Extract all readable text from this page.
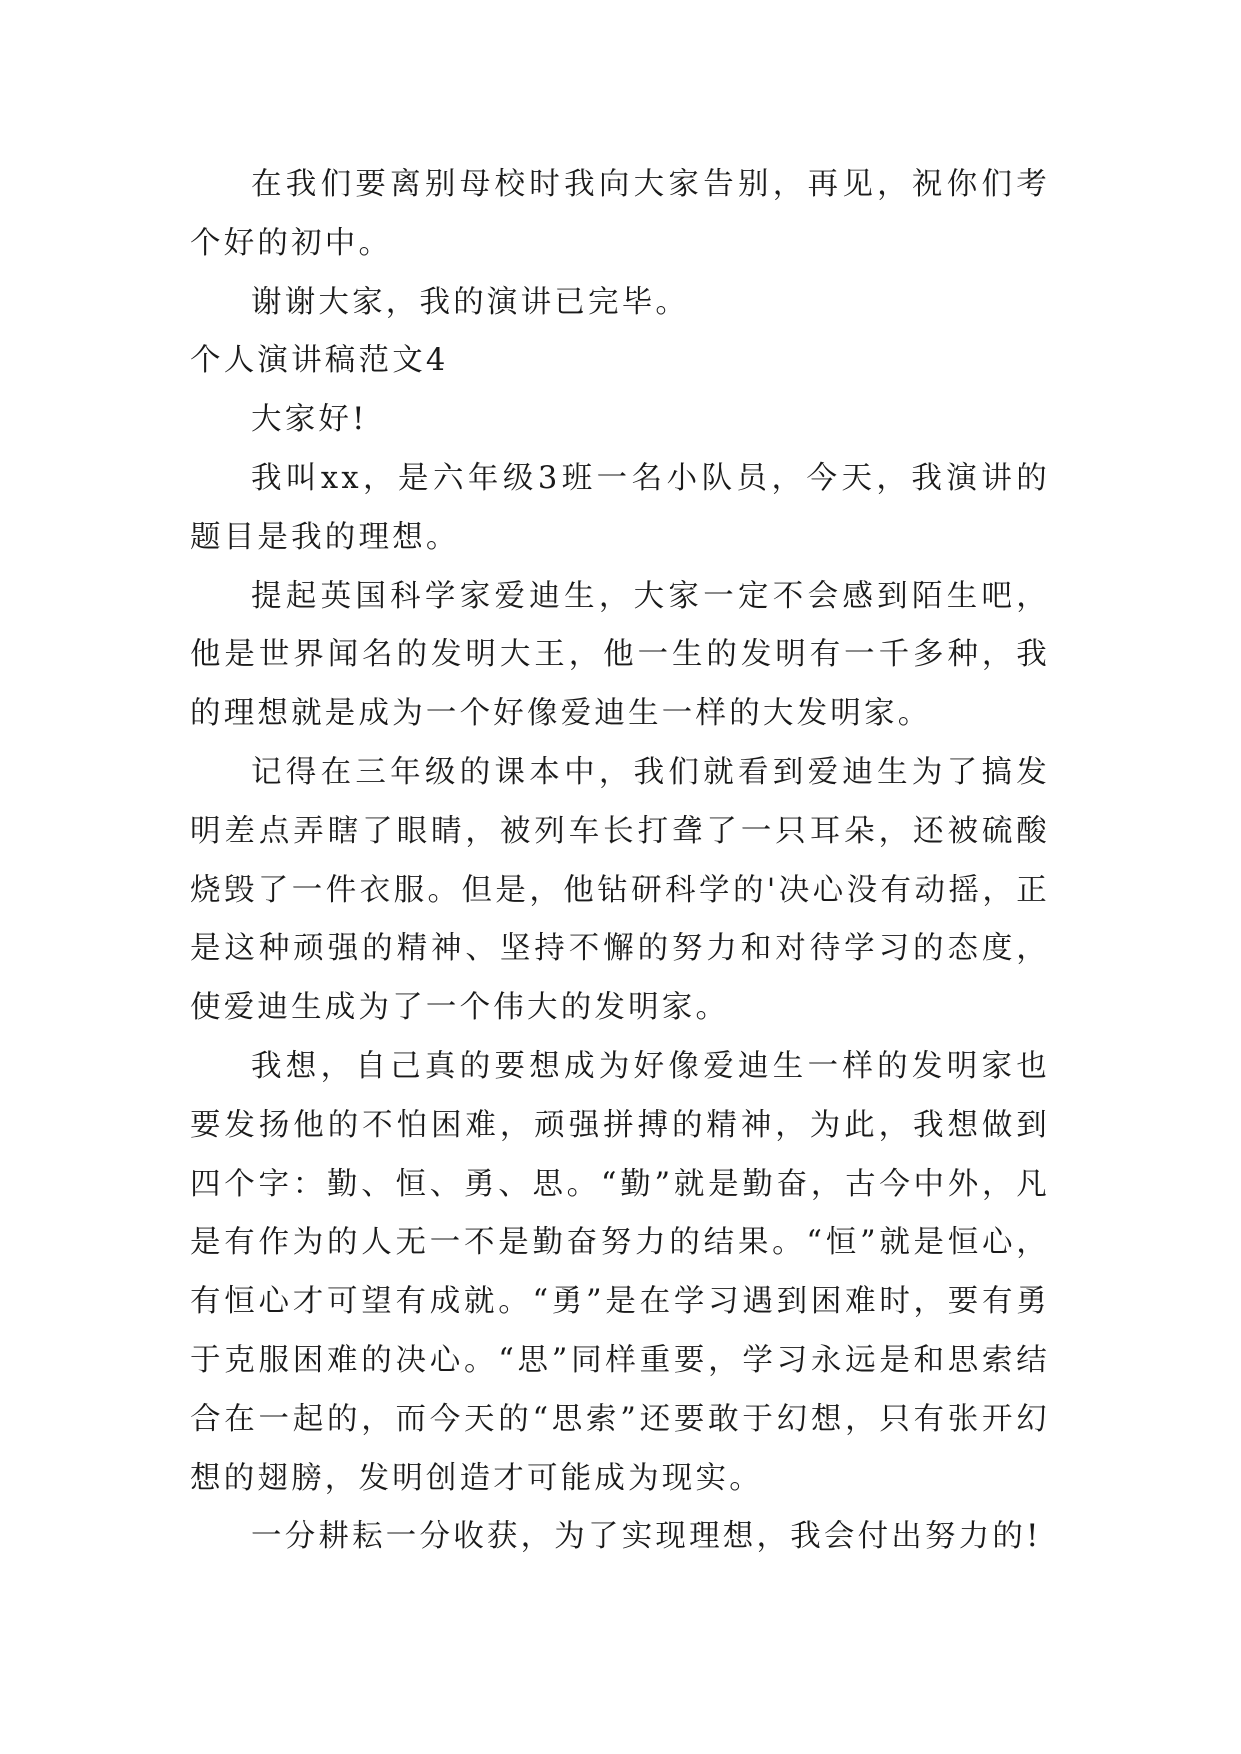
在我们要离别母校时我向大家告别，再见，祝你们考个好的初中。

谢谢大家，我的演讲已完毕。

个人演讲稿范文4

大家好!

我叫xx，是六年级3班一名小队员，今天，我演讲的题目是我的理想。

提起英国科学家爱迪生，大家一定不会感到陌生吧，他是世界闻名的发明大王，他一生的发明有一千多种，我的理想就是成为一个好像爱迪生一样的大发明家。

记得在三年级的课本中，我们就看到爱迪生为了搞发明差点弄瞎了眼睛，被列车长打聋了一只耳朵，还被硫酸烧毁了一件衣服。但是，他钻研科学的'决心没有动摇，正是这种顽强的精神、坚持不懈的努力和对待学习的态度，使爱迪生成为了一个伟大的发明家。

我想，自己真的要想成为好像爱迪生一样的发明家也要发扬他的不怕困难，顽强拼搏的精神，为此，我想做到四个字：勤、恒、勇、思。“勤”就是勤奋，古今中外，凡是有作为的人无一不是勤奋努力的结果。“恒”就是恒心，有恒心才可望有成就。“勇”是在学习遇到困难时，要有勇于克服困难的决心。“思”同样重要，学习永远是和思索结合在一起的，而今天的“思索”还要敢于幻想，只有张开幻想的翅膀，发明创造才可能成为现实。

一分耕耘一分收获，为了实现理想，我会付出努力的!
